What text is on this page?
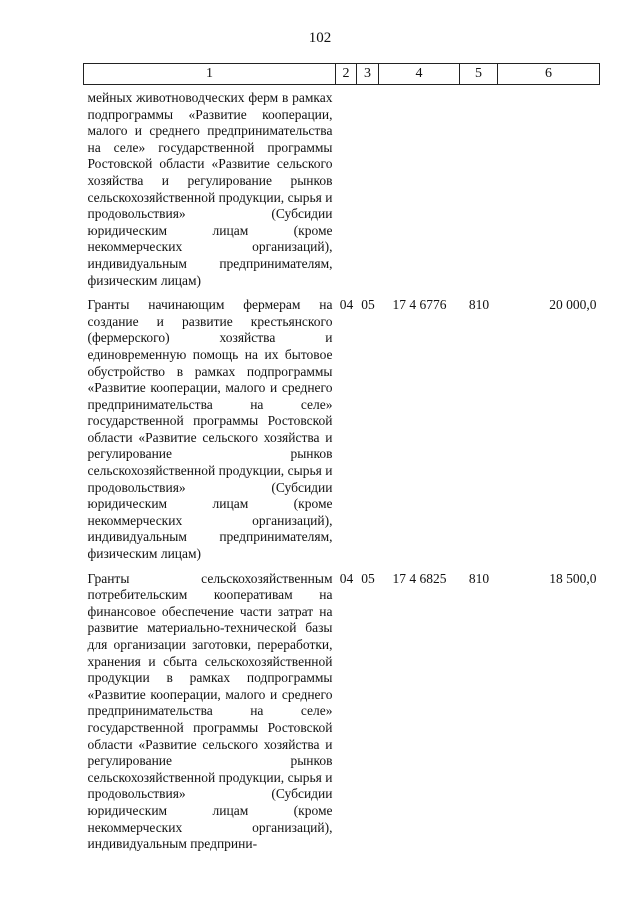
102
1	2	3	4	5	6

мейных животноводческих ферм в рамках подпрограммы «Развитие кооперации, малого и среднего предпринимательства на селе» государственной программы Ростовской области «Развитие сельского хозяйства и регулирование рынков сельскохозяйственной продукции, сырья и продовольствия» (Субсидии юридическим лицам (кроме некоммерческих организаций), индивидуальным предпринимателям, физическим лицам)					

Гранты начинающим фермерам на создание и развитие крестьянского (фермерского) хозяйства и единовременную помощь на их бытовое обустройство в рамках подпрограммы «Развитие кооперации, малого и среднего предпринимательства на селе» государственной программы Ростовской области «Развитие сельского хозяйства и регулирование рынков сельскохозяйственной продукции, сырья и продовольствия» (Субсидии юридическим лицам (кроме некоммерческих организаций), индивидуальным предпринимателям, физическим лицам)	04	05	17 4 6776	810	20 000,0

Гранты сельскохозяйственным потребительским кооперативам на финансовое обеспечение части затрат на развитие материально-технической базы для организации заготовки, переработки, хранения и сбыта сельскохозяйственной продукции в рамках подпрограммы «Развитие кооперации, малого и среднего предпринимательства на селе» государственной программы Ростовской области «Развитие сельского хозяйства и регулирование рынков сельскохозяйственной продукции, сырья и продовольствия» (Субсидии юридическим лицам (кроме некоммерческих организаций), индивидуальным предприни-	04	05	17 4 6825	810	18 500,0
